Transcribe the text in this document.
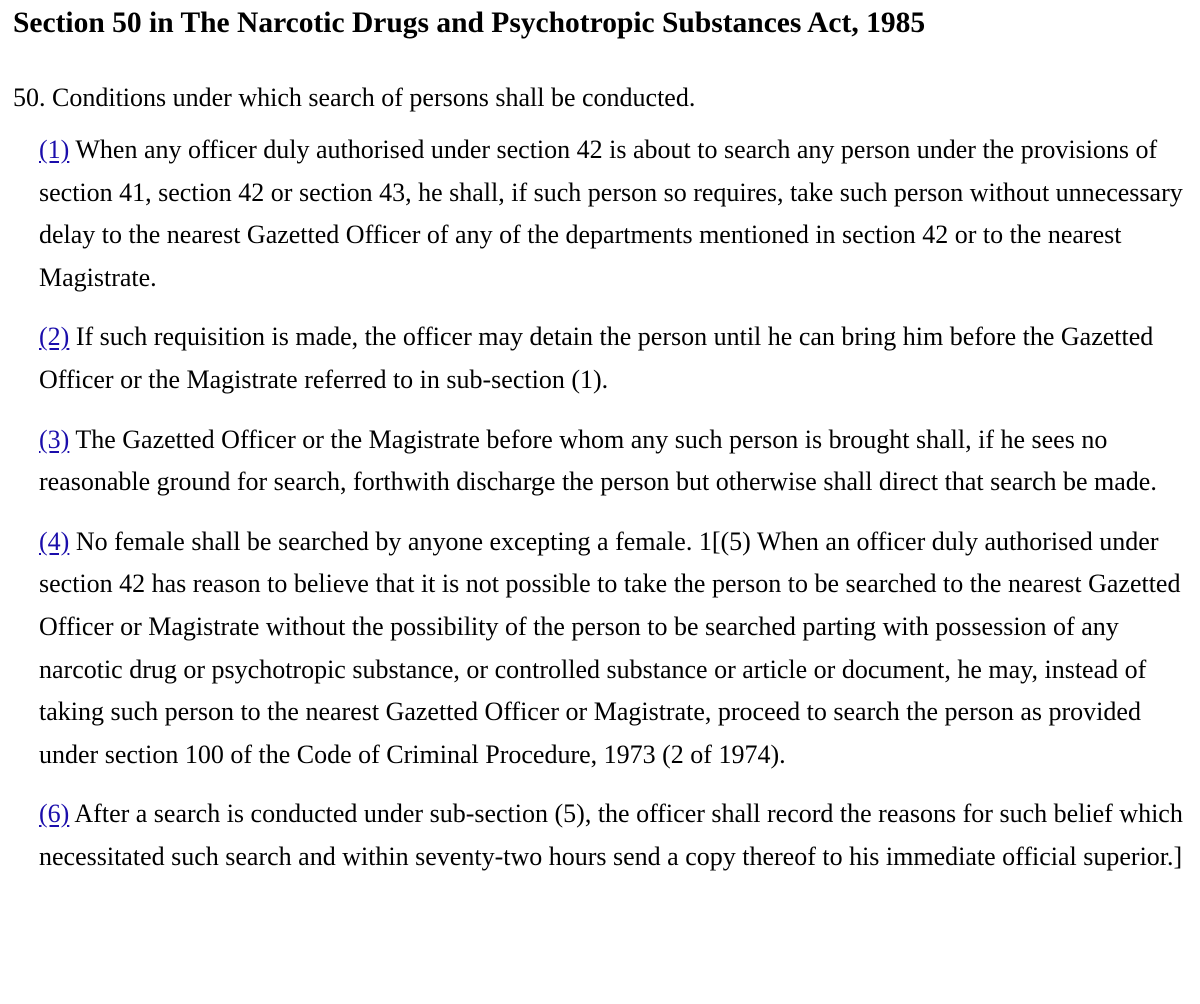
Section 50 in The Narcotic Drugs and Psychotropic Substances Act, 1985

50. Conditions under which search of persons shall be conducted.

(1) When any officer duly authorised under section 42 is about to search any person under the provisions of section 41, section 42 or section 43, he shall, if such person so requires, take such person without unnecessary delay to the nearest Gazetted Officer of any of the departments mentioned in section 42 or to the nearest Magistrate.

(2) If such requisition is made, the officer may detain the person until he can bring him before the Gazetted Officer or the Magistrate referred to in sub-section (1).

(3) The Gazetted Officer or the Magistrate before whom any such person is brought shall, if he sees no reasonable ground for search, forthwith discharge the person but otherwise shall direct that search be made.

(4) No female shall be searched by anyone excepting a female. 1[(5) When an officer duly authorised under section 42 has reason to believe that it is not possible to take the person to be searched to the nearest Gazetted Officer or Magistrate without the possibility of the person to be searched parting with possession of any narcotic drug or psychotropic substance, or controlled substance or article or document, he may, instead of taking such person to the nearest Gazetted Officer or Magistrate, proceed to search the person as provided under section 100 of the Code of Criminal Procedure, 1973 (2 of 1974).

(6) After a search is conducted under sub-section (5), the officer shall record the reasons for such belief which necessitated such search and within seventy-two hours send a copy thereof to his immediate official superior.]
